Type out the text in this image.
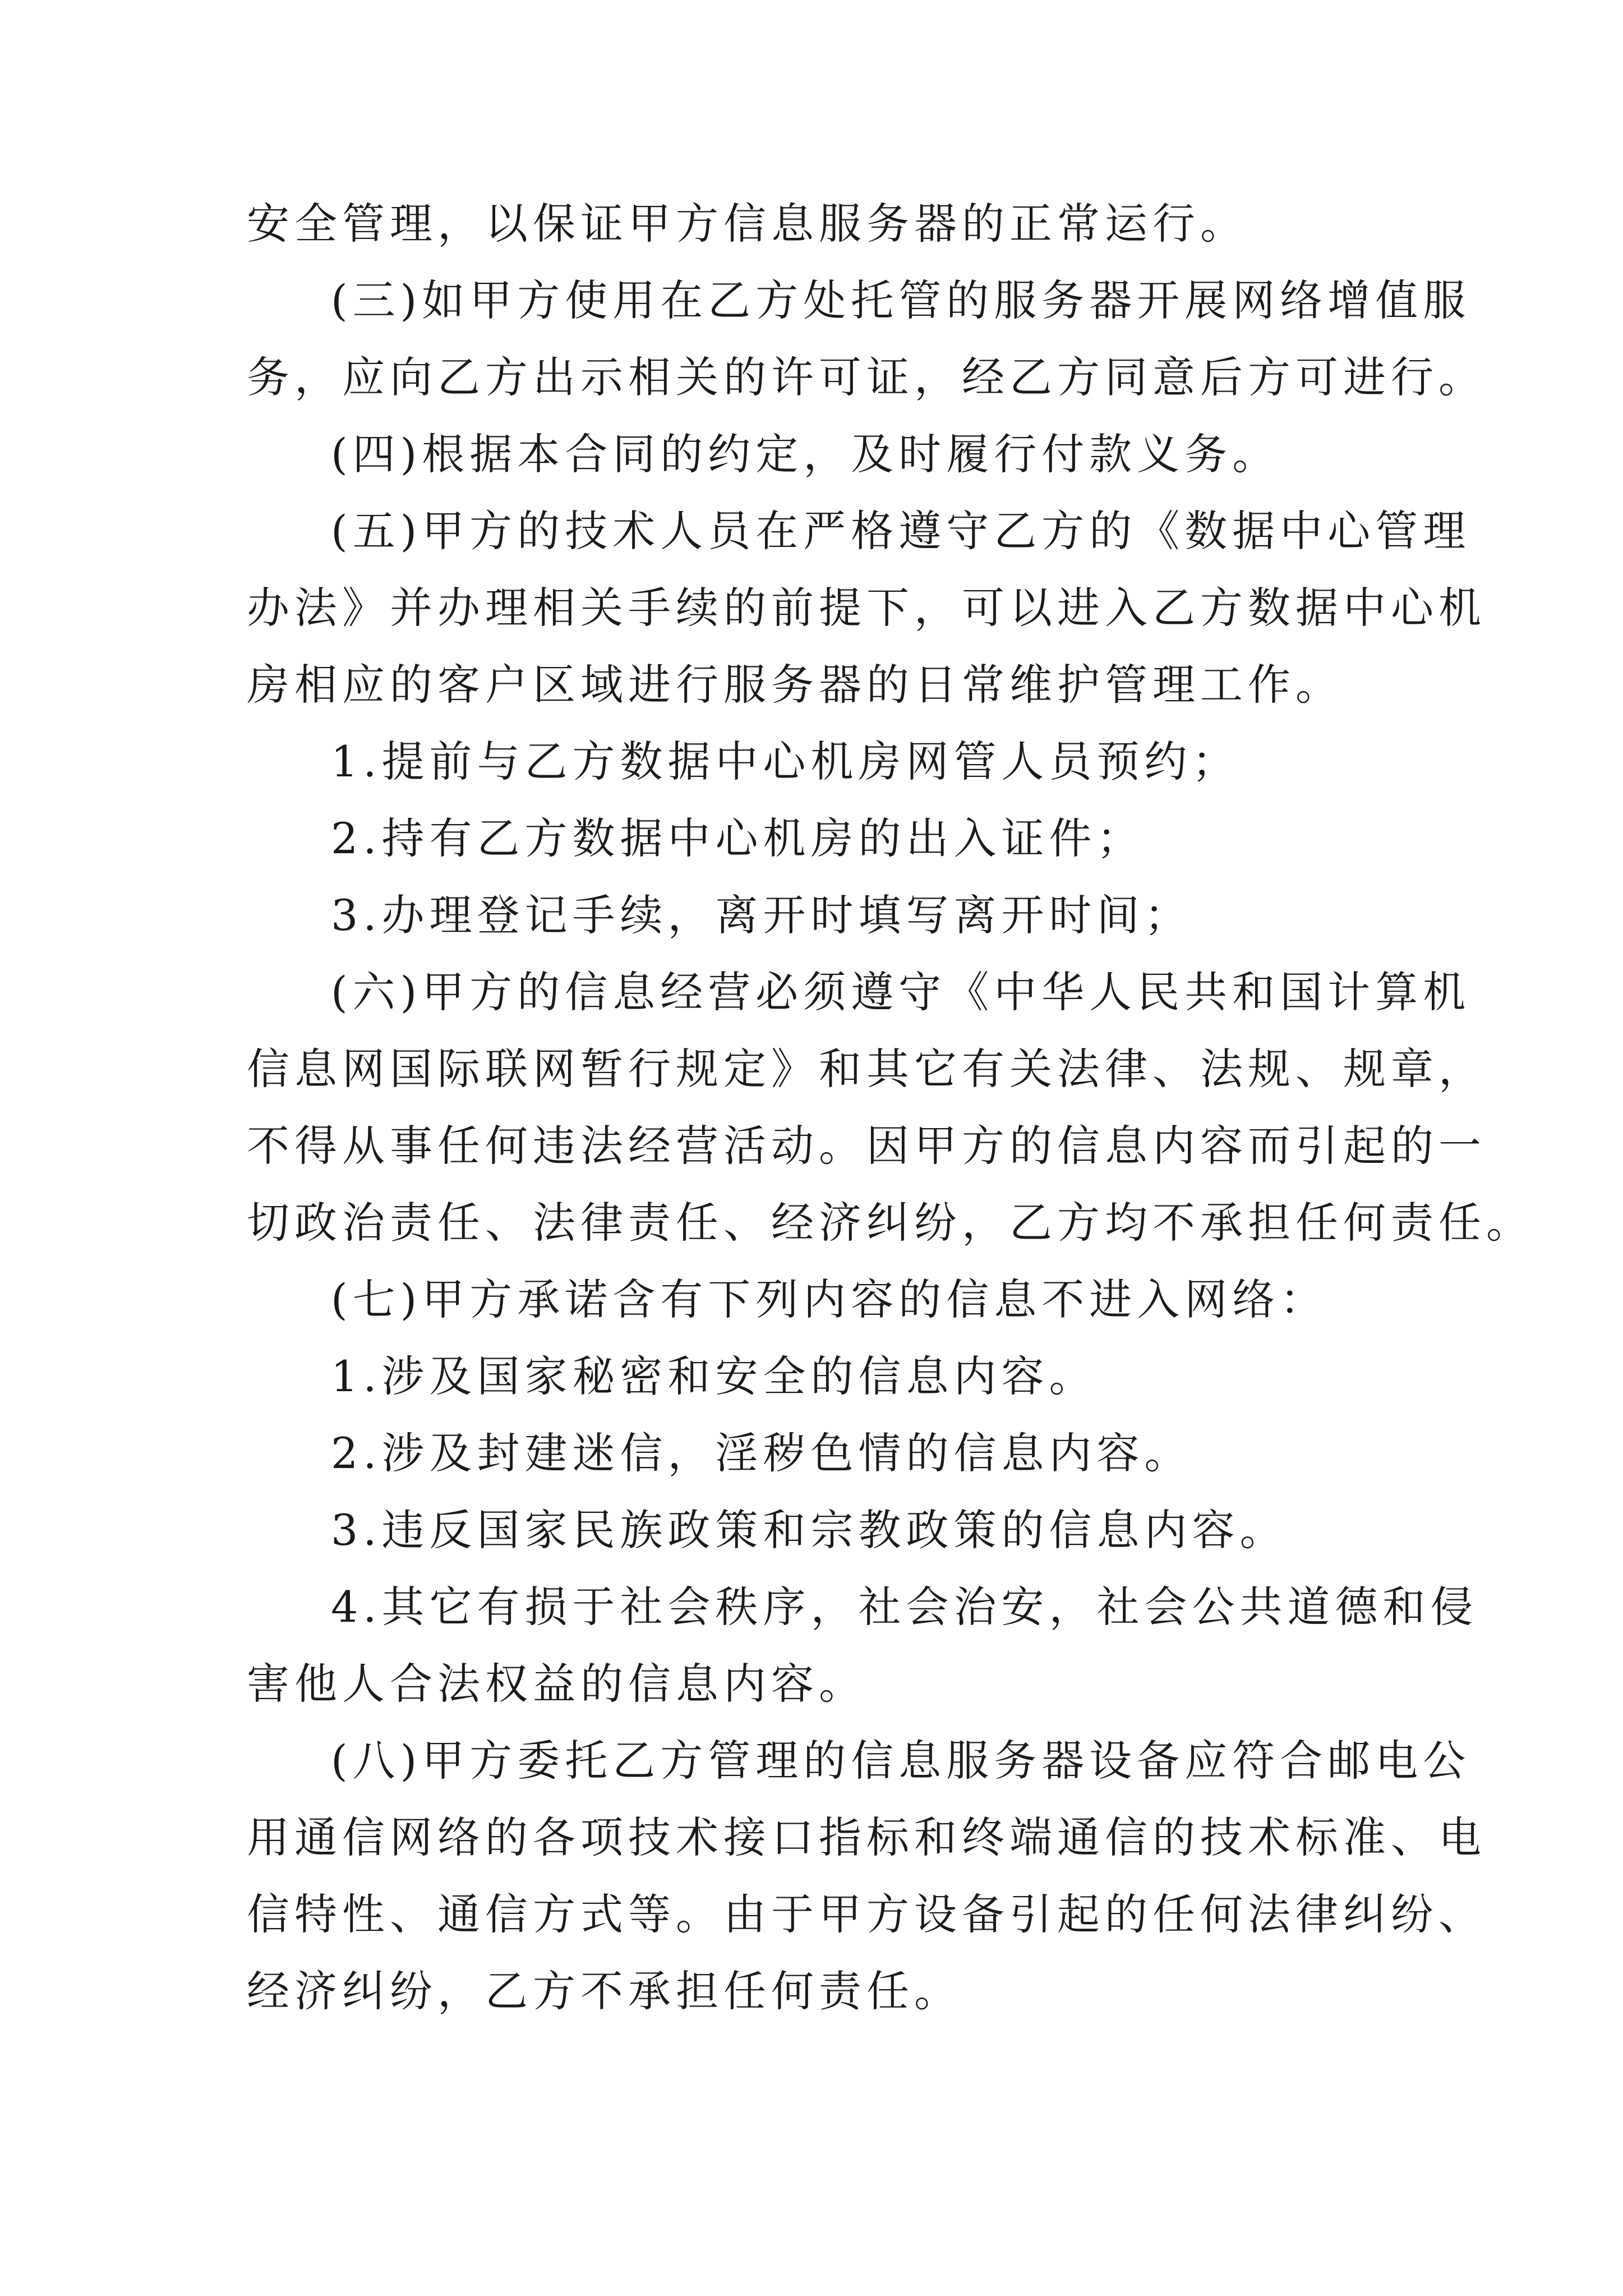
安全管理，以保证甲方信息服务器的正常运行。
(三)如甲方使用在乙方处托管的服务器开展网络增值服
务，应向乙方出示相关的许可证，经乙方同意后方可进行。
(四)根据本合同的约定，及时履行付款义务。
(五)甲方的技术人员在严格遵守乙方的《数据中心管理
办法》并办理相关手续的前提下，可以进入乙方数据中心机
房相应的客户区域进行服务器的日常维护管理工作。
1.提前与乙方数据中心机房网管人员预约；
2.持有乙方数据中心机房的出入证件；
3.办理登记手续，离开时填写离开时间；
(六)甲方的信息经营必须遵守《中华人民共和国计算机
信息网国际联网暂行规定》和其它有关法律、法规、规章，
不得从事任何违法经营活动。因甲方的信息内容而引起的一
切政治责任、法律责任、经济纠纷，乙方均不承担任何责任。
(七)甲方承诺含有下列内容的信息不进入网络：
1.涉及国家秘密和安全的信息内容。
2.涉及封建迷信，淫秽色情的信息内容。
3.违反国家民族政策和宗教政策的信息内容。
4.其它有损于社会秩序，社会治安，社会公共道德和侵
害他人合法权益的信息内容。
(八)甲方委托乙方管理的信息服务器设备应符合邮电公
用通信网络的各项技术接口指标和终端通信的技术标准、电
信特性、通信方式等。由于甲方设备引起的任何法律纠纷、
经济纠纷，乙方不承担任何责任。
